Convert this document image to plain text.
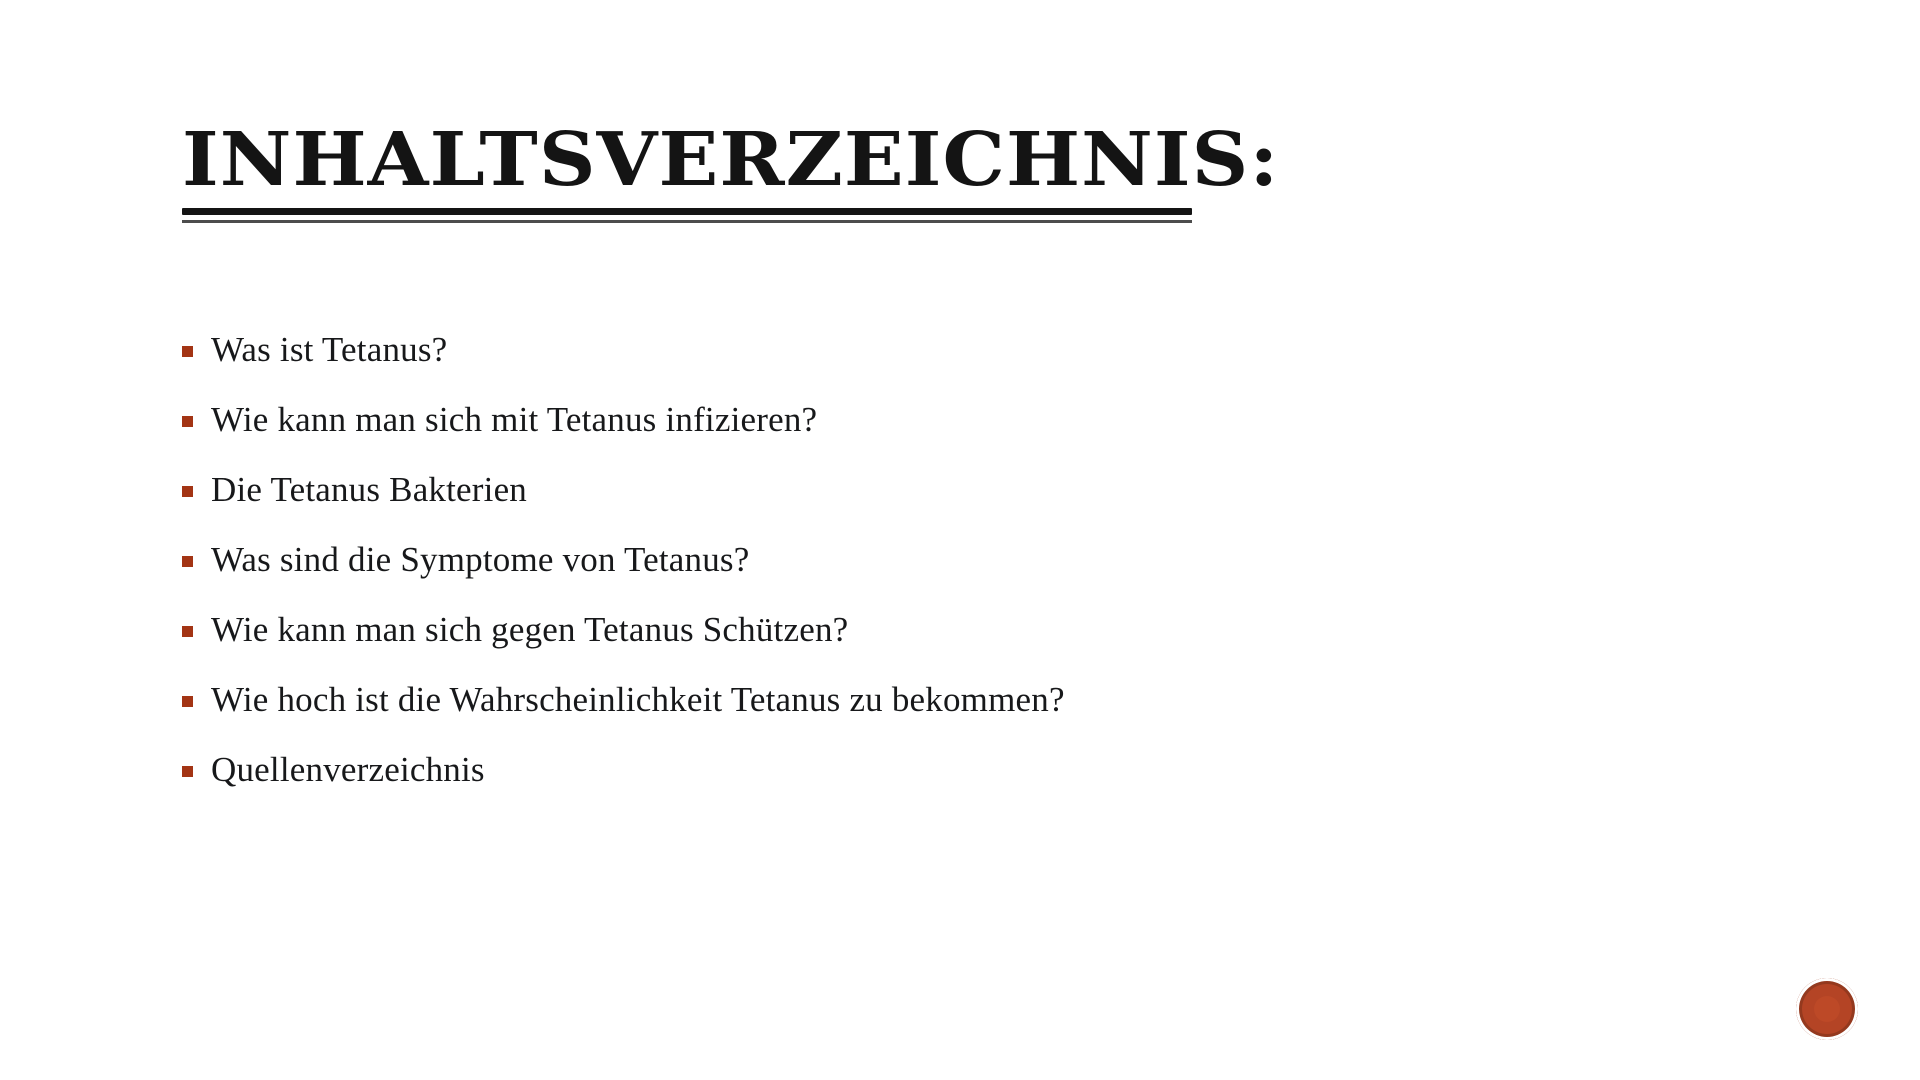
INHALTSVERZEICHNIS:
Was ist Tetanus?
Wie kann man sich mit Tetanus infizieren?
Die Tetanus Bakterien
Was sind die Symptome von Tetanus?
Wie kann man sich gegen Tetanus Schützen?
Wie hoch ist die Wahrscheinlichkeit Tetanus zu bekommen?
Quellenverzeichnis
